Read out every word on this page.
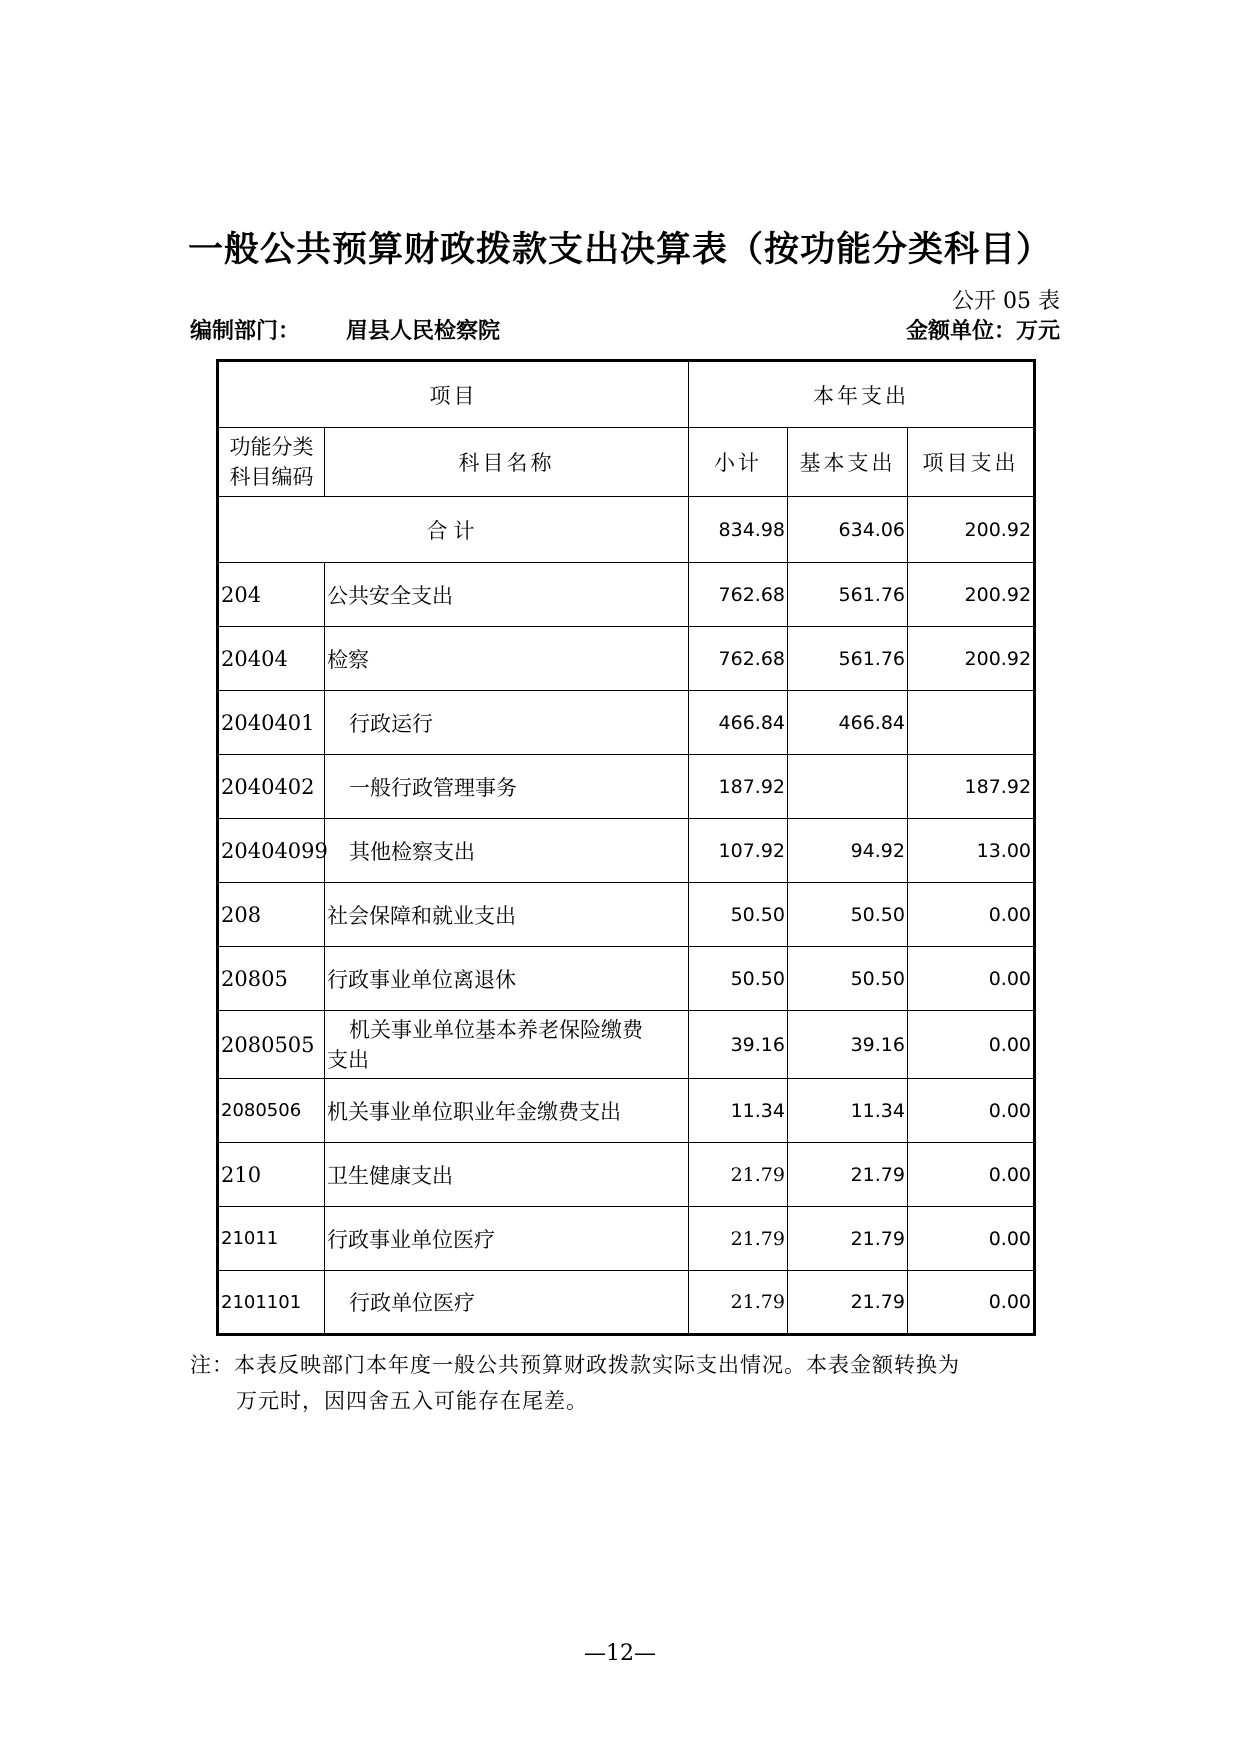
一般公共预算财政拨款支出决算表（按功能分类科目）
公开 05 表
编制部门： 眉县人民检察院	金额单位：万元
项目		本年支出		
功能分类
科目编码	科目名称	小计	基本支出	项目支出
合计		834.98	634.06	200.92
204	公共安全支出	762.68	561.76	200.92
20404	检察	762.68	561.76	200.92
2040401	行政运行	466.84	466.84	
2040402	一般行政管理事务	187.92		187.92
20404099	其他检察支出	107.92	94.92	13.00
208	社会保障和就业支出	50.50	50.50	0.00
20805	行政事业单位离退休	50.50	50.50	0.00
2080505	机关事业单位基本养老保险缴费
支出	39.16	39.16	0.00
2080506	机关事业单位职业年金缴费支出	11.34	11.34	0.00
210	卫生健康支出	21.79	21.79	0.00
21011	行政事业单位医疗	21.79	21.79	0.00
2101101	行政单位医疗	21.79	21.79	0.00
注：本表反映部门本年度一般公共预算财政拨款实际支出情况。本表金额转换为
万元时，因四舍五入可能存在尾差。
—12—
